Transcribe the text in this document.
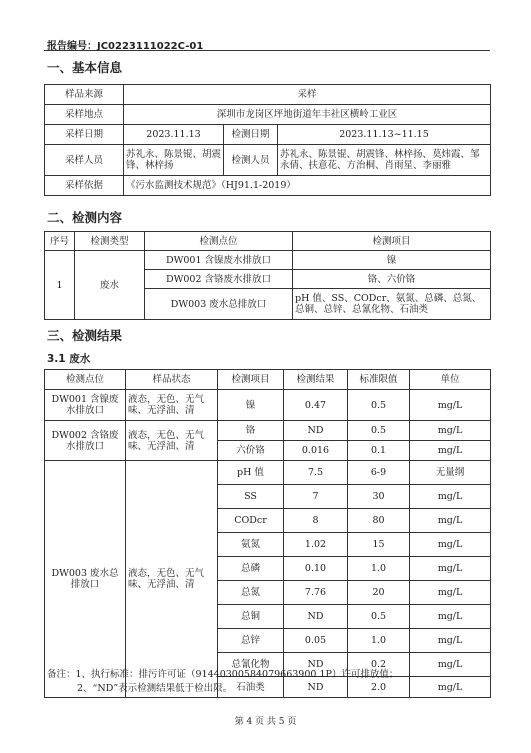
报告编号：JC0223111022C-01
一、基本信息
样品来源	采样		
采样地点	深圳市龙岗区坪地街道年丰社区横岭工业区		
采样日期	2023.11.13	检测日期	2023.11.13~11.15
采样人员	苏礼永、陈景锟、胡震锋、林梓扬	检测人员	苏礼永、陈景锟、胡震锋、林梓扬、莫炜霞、邹永倩、扶意花、方治桐、肖雨星、李丽雅
采样依据	《污水监测技术规范》（HJ91.1-2019）		
二、检测内容
序号	检测类型	检测点位	检测项目
1	废水	DW001 含镍废水排放口	镍
		DW002 含铬废水排放口	铬、六价铬
		DW003 废水总排放口	pH 值、SS、CODcr、氨氮、总磷、总氮、总铜、总锌、总氰化物、石油类
三、检测结果
3.1 废水
检测点位	样品状态	检测项目	检测结果	标准限值	单位
DW001 含镍废水排放口	液态，无色、无气味、无浮油、清	镍	0.47	0.5	mg/L
DW002 含铬废水排放口	液态，无色、无气味、无浮油、清	铬	ND	0.5	mg/L
		六价铬	0.016	0.1	mg/L
DW003 废水总排放口	液态，无色、无气味、无浮油、清	pH 值	7.5	6-9	无量纲
		SS	7	30	mg/L
		CODcr	8	80	mg/L
		氨氮	1.02	15	mg/L
		总磷	0.10	1.0	mg/L
		总氮	7.76	20	mg/L
		总铜	ND	0.5	mg/L
		总锌	0.05	1.0	mg/L
		总氰化物	ND	0.2	mg/L
		石油类	ND	2.0	mg/L
备注：1、执行标准：排污许可证（91440300584079663900 1P）许可排放值；
2、“ND”表示检测结果低于检出限。
第 4 页 共 5 页
